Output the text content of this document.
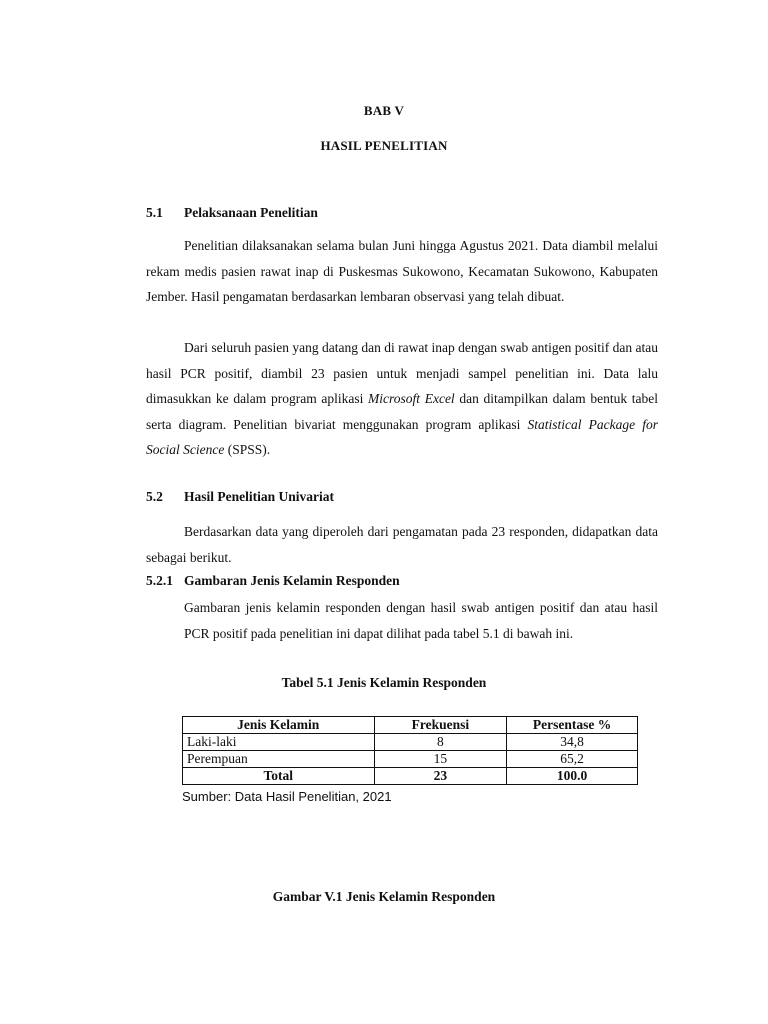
BAB V
HASIL PENELITIAN
5.1 Pelaksanaan Penelitian
Penelitian dilaksanakan selama bulan Juni hingga Agustus 2021. Data diambil melalui rekam medis pasien rawat inap di Puskesmas Sukowono, Kecamatan Sukowono, Kabupaten Jember. Hasil pengamatan berdasarkan lembaran observasi yang telah dibuat.
Dari seluruh pasien yang datang dan di rawat inap dengan swab antigen positif dan atau hasil PCR positif, diambil 23 pasien untuk menjadi sampel penelitian ini. Data lalu dimasukkan ke dalam program aplikasi Microsoft Excel dan ditampilkan dalam bentuk tabel serta diagram. Penelitian bivariat menggunakan program aplikasi Statistical Package for Social Science (SPSS).
5.2 Hasil Penelitian Univariat
Berdasarkan data yang diperoleh dari pengamatan pada 23 responden, didapatkan data sebagai berikut.
5.2.1 Gambaran Jenis Kelamin Responden
Gambaran jenis kelamin responden dengan hasil swab antigen positif dan atau hasil PCR positif pada penelitian ini dapat dilihat pada tabel 5.1 di bawah ini.
Tabel 5.1 Jenis Kelamin Responden
Jenis Kelamin	Frekuensi	Persentase %
Laki-laki	8	34,8
Perempuan	15	65,2
Total	23	100.0
Sumber: Data Hasil Penelitian, 2021
Gambar V.1 Jenis Kelamin Responden
